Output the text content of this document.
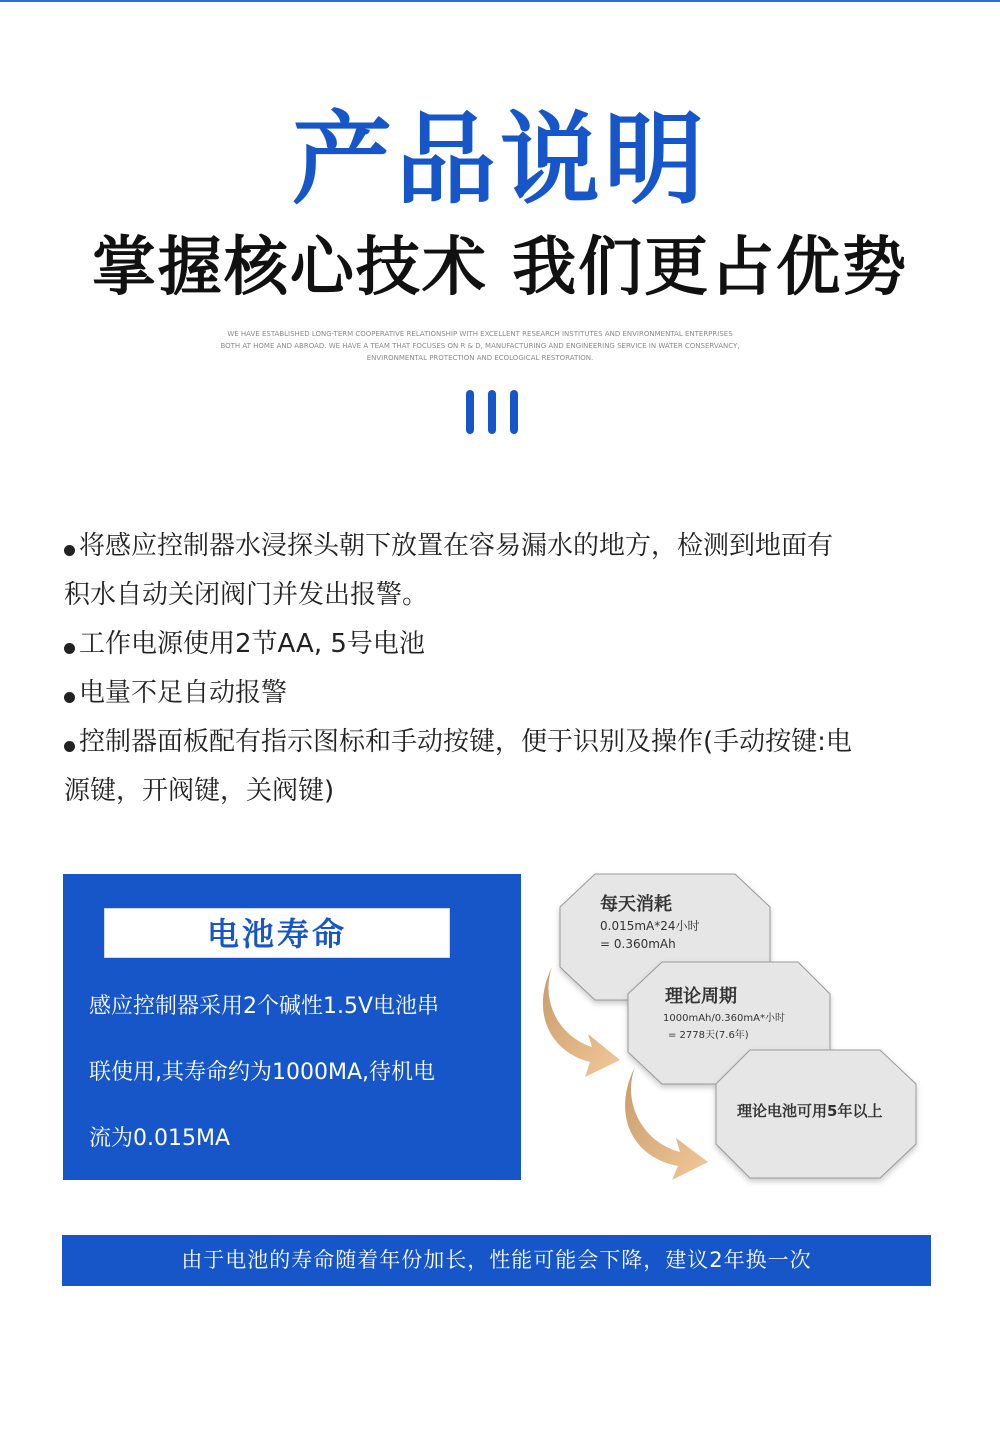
产品说明
掌握核心技术 我们更占优势
WE HAVE ESTABLISHED LONG-TERM COOPERATIVE RELATIONSHIP WITH EXCELLENT RESEARCH INSTITUTES AND ENVIRONMENTAL ENTERPRISES
BOTH AT HOME AND ABROAD. WE HAVE A TEAM THAT FOCUSES ON R & D, MANUFACTURING AND ENGINEERING SERVICE IN WATER CONSERVANCY,
ENVIRONMENTAL PROTECTION AND ECOLOGICAL RESTORATION.
将感应控制器水浸探头朝下放置在容易漏水的地方，检测到地面有
积水自动关闭阀门并发出报警。
工作电源使用2节AA, 5号电池
电量不足自动报警
控制器面板配有指示图标和手动按键，便于识别及操作(手动按键:电
源键，开阀键，关阀键)
电池寿命
感应控制器采用2个碱性1.5V电池串
联使用,其寿命约为1000MA,待机电
流为0.015MA
每天消耗
0.015mA*24小时
= 0.360mAh
理论周期
1000mAh/0.360mA*小时
= 2778天(7.6年)
理论电池可用5年以上
由于电池的寿命随着年份加长，性能可能会下降，建议2年换一次
